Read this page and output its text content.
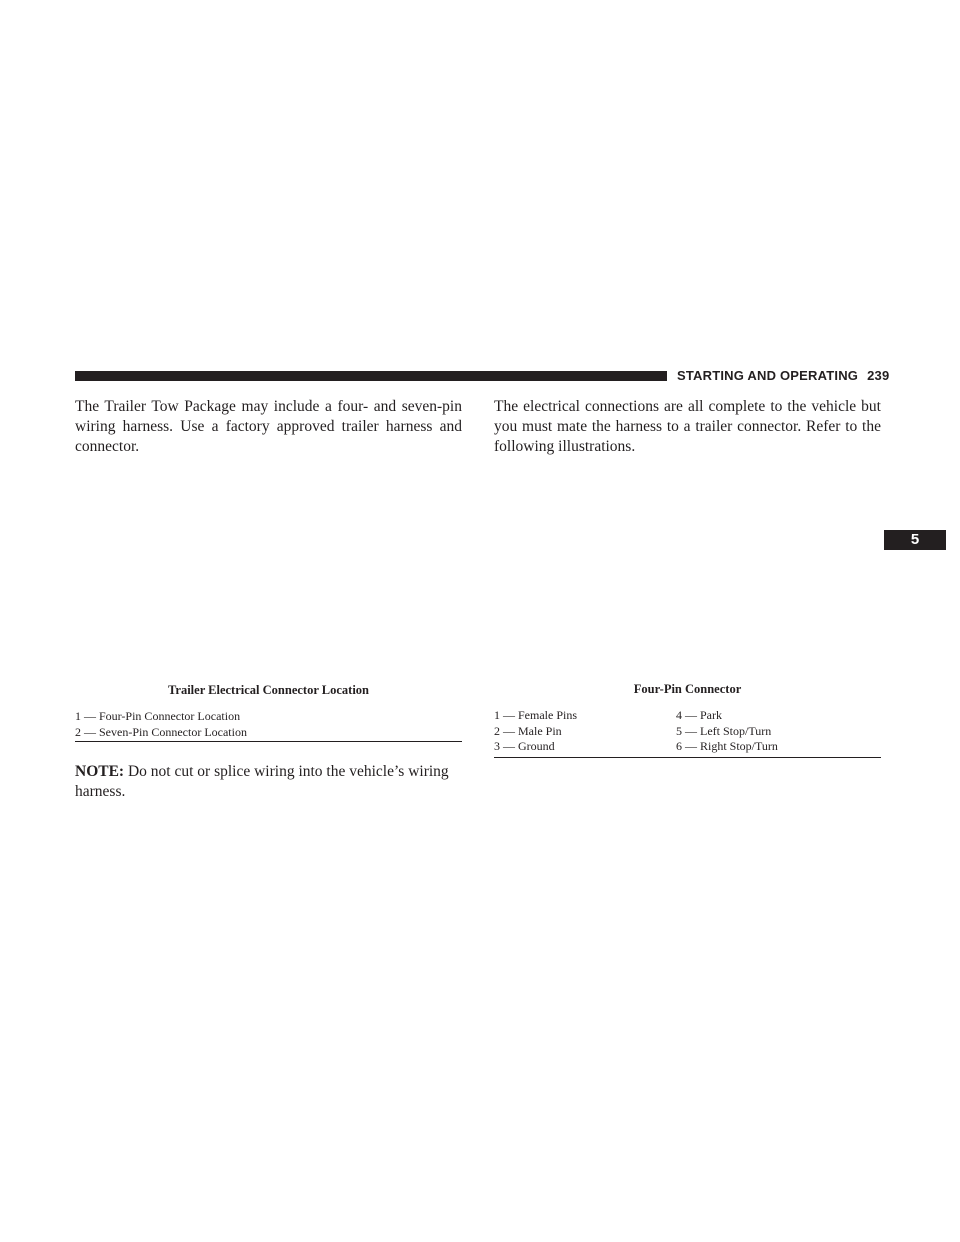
STARTING AND OPERATING 239
5

The Trailer Tow Package may include a four- and seven-pin wiring harness. Use a factory approved trailer harness and connector.

Trailer Electrical Connector Location
1 — Four-Pin Connector Location
2 — Seven-Pin Connector Location

NOTE: Do not cut or splice wiring into the vehicle’s wiring harness.

The electrical connections are all complete to the vehicle but you must mate the harness to a trailer connector. Refer to the following illustrations.

Four-Pin Connector
1 — Female Pins	4 — Park
2 — Male Pin	5 — Left Stop/Turn
3 — Ground	6 — Right Stop/Turn
